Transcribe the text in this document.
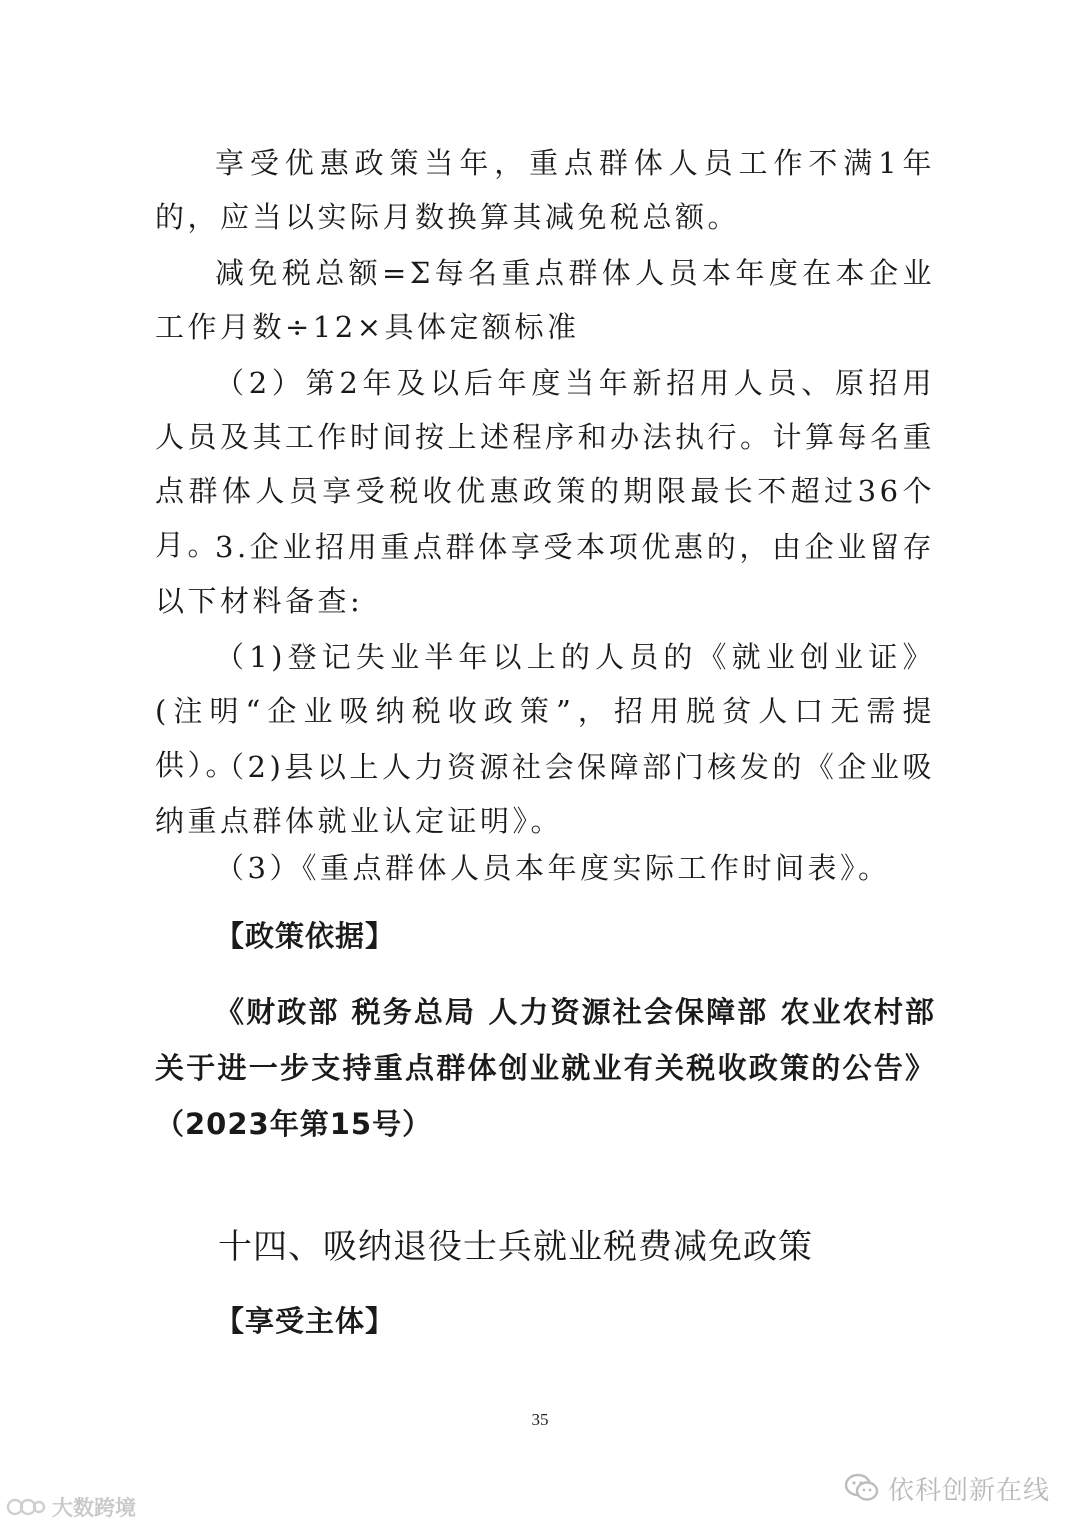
享受优惠政策当年，重点群体人员工作不满1年的，应当以实际月数换算其减免税总额。

减免税总额=Σ每名重点群体人员本年度在本企业工作月数÷12×具体定额标准

（2）第2年及以后年度当年新招用人员、原招用人员及其工作时间按上述程序和办法执行。计算每名重点群体人员享受税收优惠政策的期限最长不超过36个月。

3.企业招用重点群体享受本项优惠的，由企业留存以下材料备查:

（1)登记失业半年以上的人员的《就业创业证》(注明“企业吸纳税收政策”，招用脱贫人口无需提供）。

（2)县以上人力资源社会保障部门核发的《企业吸纳重点群体就业认定证明》。

（3）《重点群体人员本年度实际工作时间表》。

【政策依据】

《财政部 税务总局 人力资源社会保障部 农业农村部关于进一步支持重点群体创业就业有关税收政策的公告》（2023年第15号）

十四、吸纳退役士兵就业税费减免政策

【享受主体】

35
依科创新在线
大数跨境
